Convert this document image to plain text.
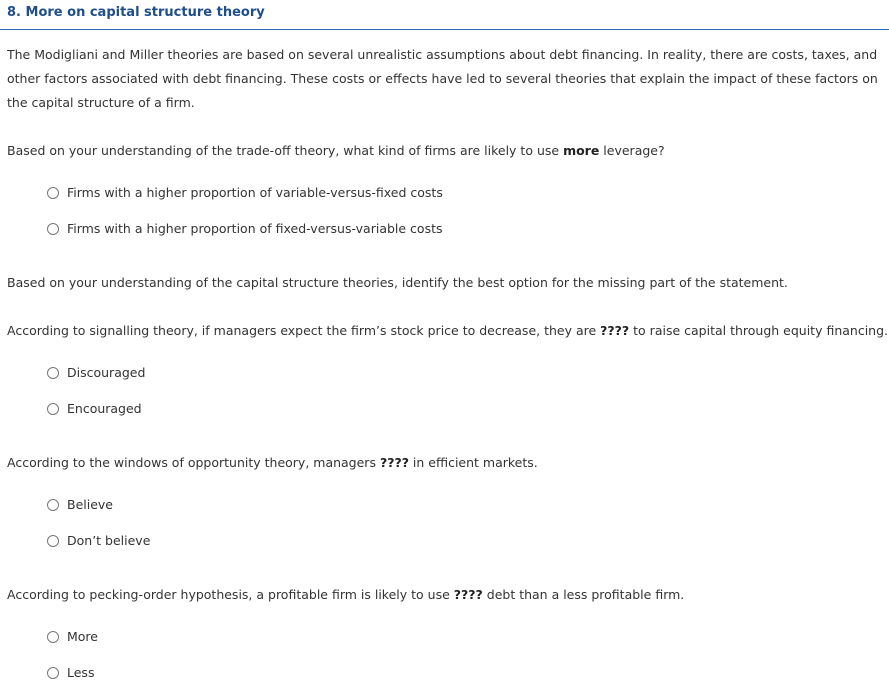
8. More on capital structure theory
The Modigliani and Miller theories are based on several unrealistic assumptions about debt financing. In reality, there are costs, taxes, and other factors associated with debt financing. These costs or effects have led to several theories that explain the impact of these factors on the capital structure of a firm.
Based on your understanding of the trade-off theory, what kind of firms are likely to use more leverage?
Firms with a higher proportion of variable-versus-fixed costs
Firms with a higher proportion of fixed-versus-variable costs
Based on your understanding of the capital structure theories, identify the best option for the missing part of the statement.
According to signalling theory, if managers expect the firm’s stock price to decrease, they are ???? to raise capital through equity financing.
Discouraged
Encouraged
According to the windows of opportunity theory, managers ???? in efficient markets.
Believe
Don’t believe
According to pecking-order hypothesis, a profitable firm is likely to use ???? debt than a less profitable firm.
More
Less
